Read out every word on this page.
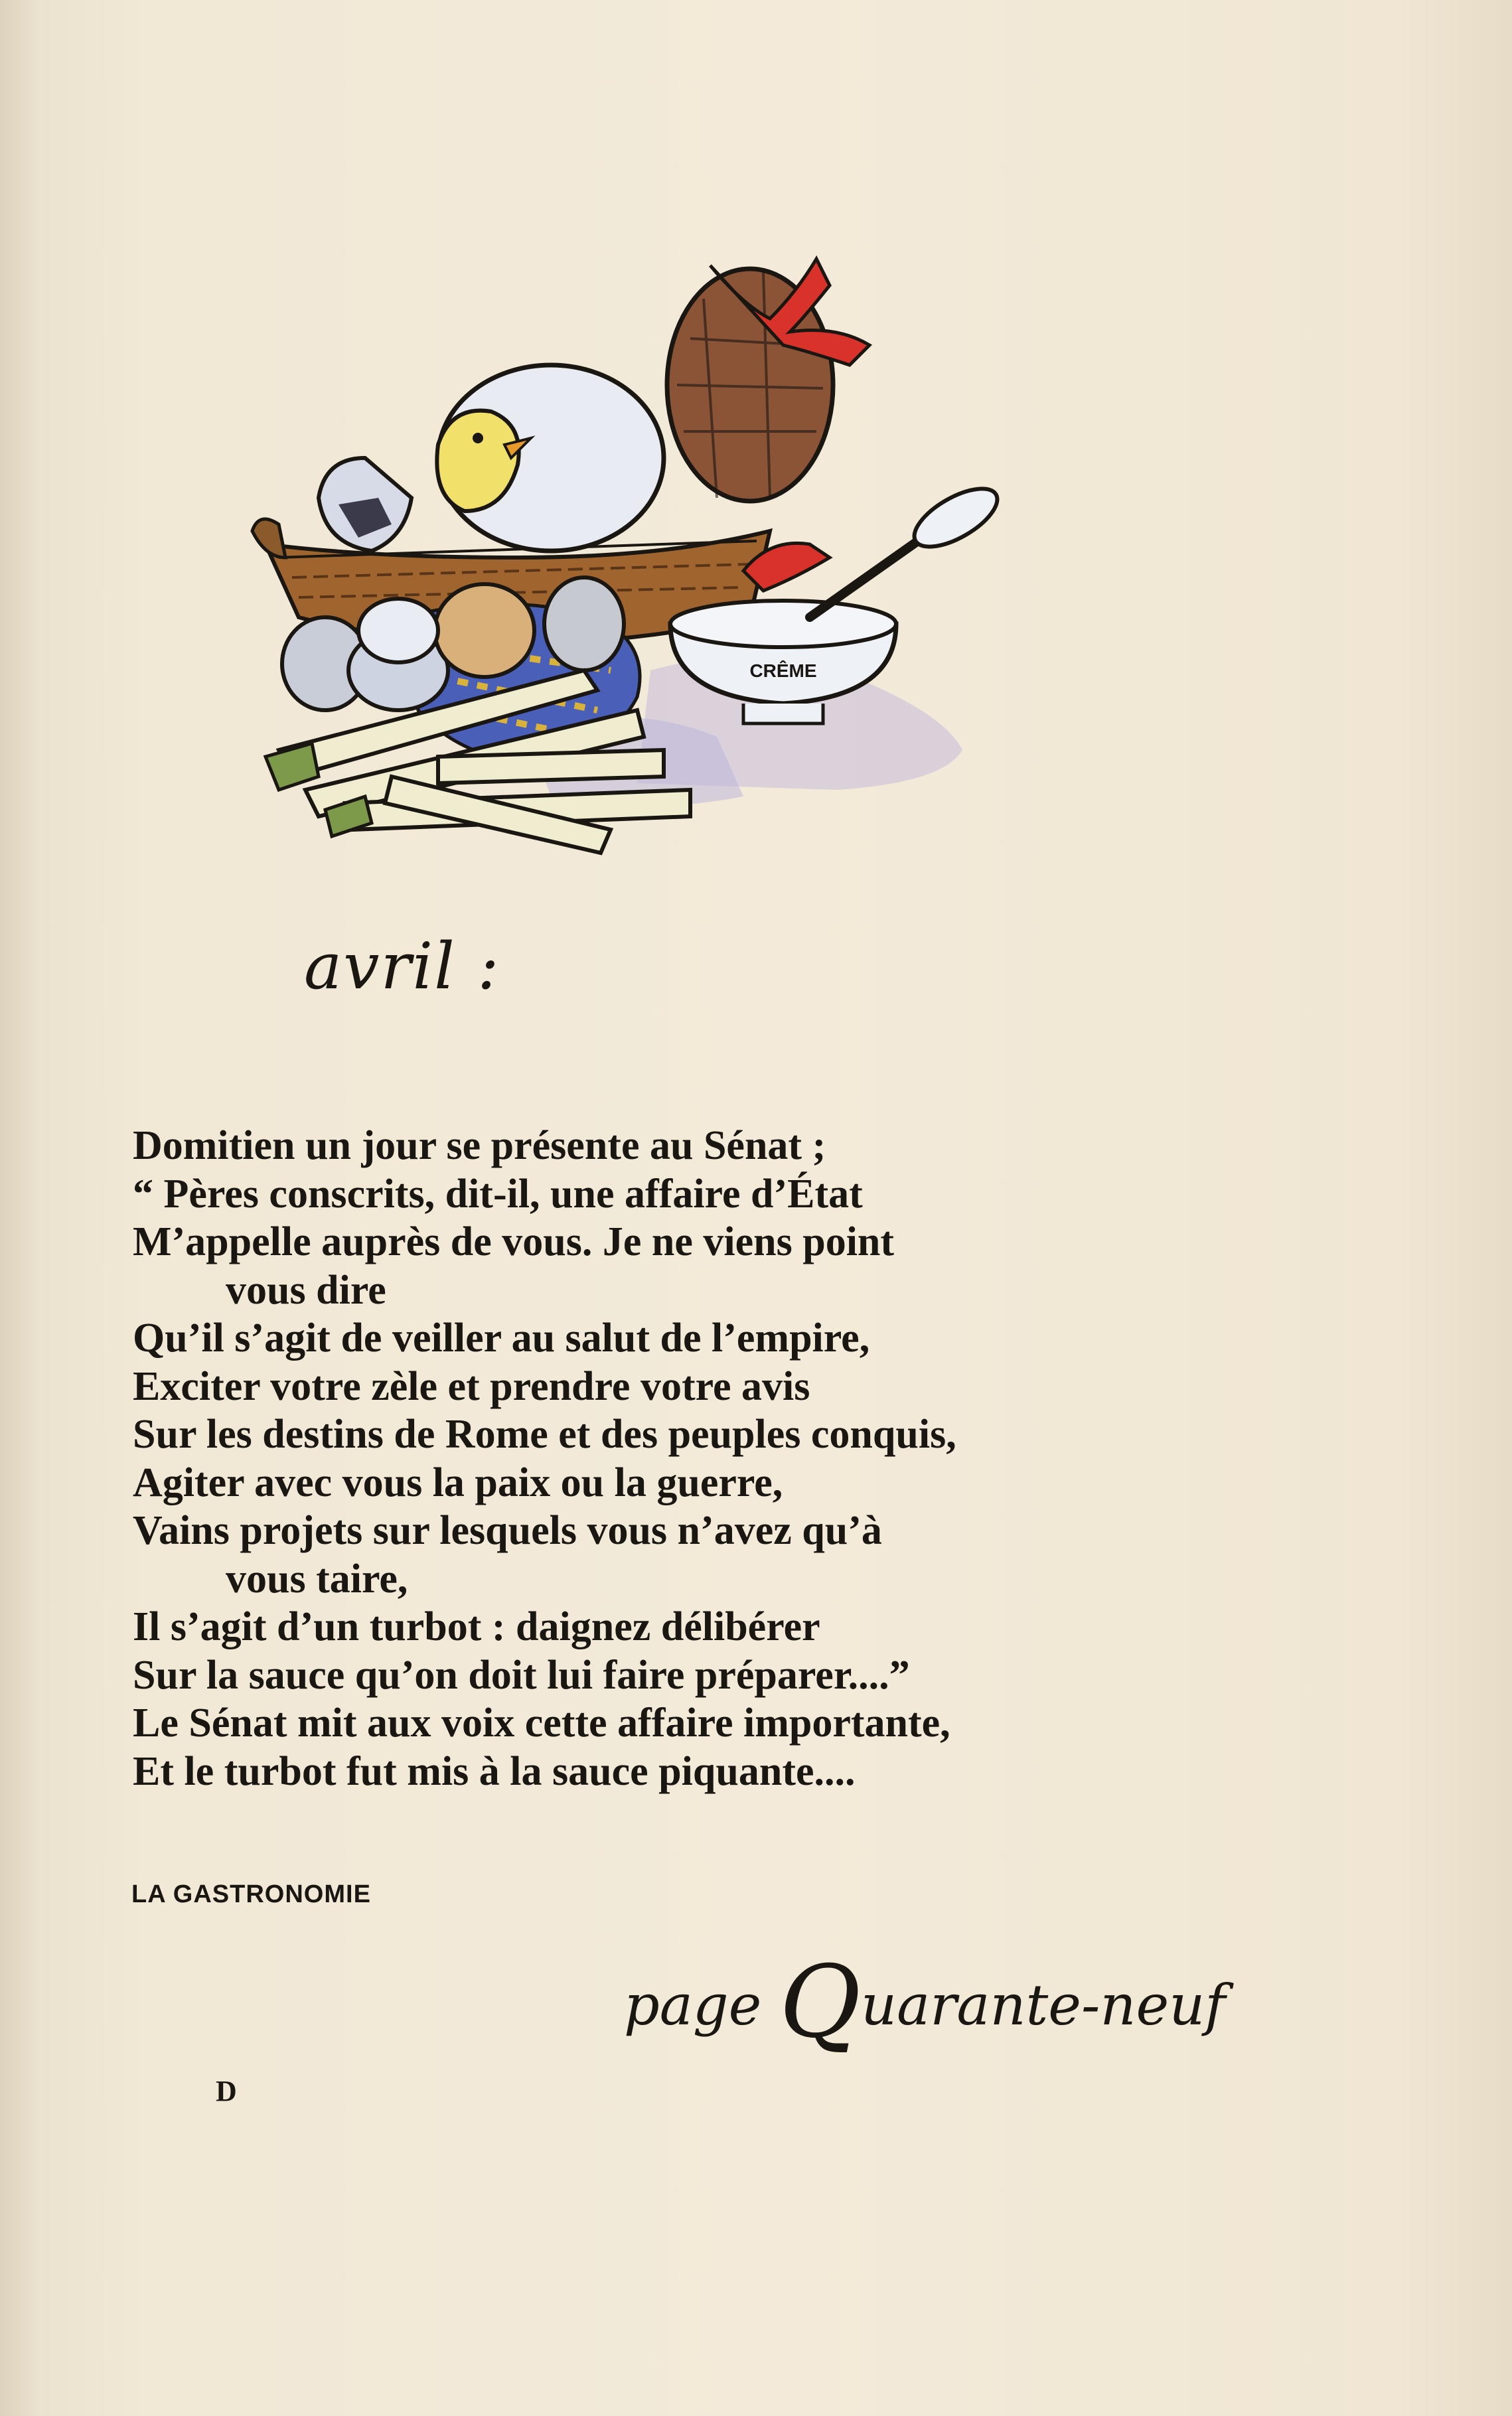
CRÊME
avril :
Domitien un jour se présente au Sénat ;
“ Pères conscrits, dit-il, une affaire d’État
M’appelle auprès de vous. Je ne viens point
vous dire
Qu’il s’agit de veiller au salut de l’empire,
Exciter votre zèle et prendre votre avis
Sur les destins de Rome et des peuples conquis,
Agiter avec vous la paix ou la guerre,
Vains projets sur lesquels vous n’avez qu’à
vous taire,
Il s’agit d’un turbot : daignez délibérer
Sur la sauce qu’on doit lui faire préparer....”
Le Sénat mit aux voix cette affaire importante,
Et le turbot fut mis à la sauce piquante....
LA GASTRONOMIE
page Quarante-neuf
D
